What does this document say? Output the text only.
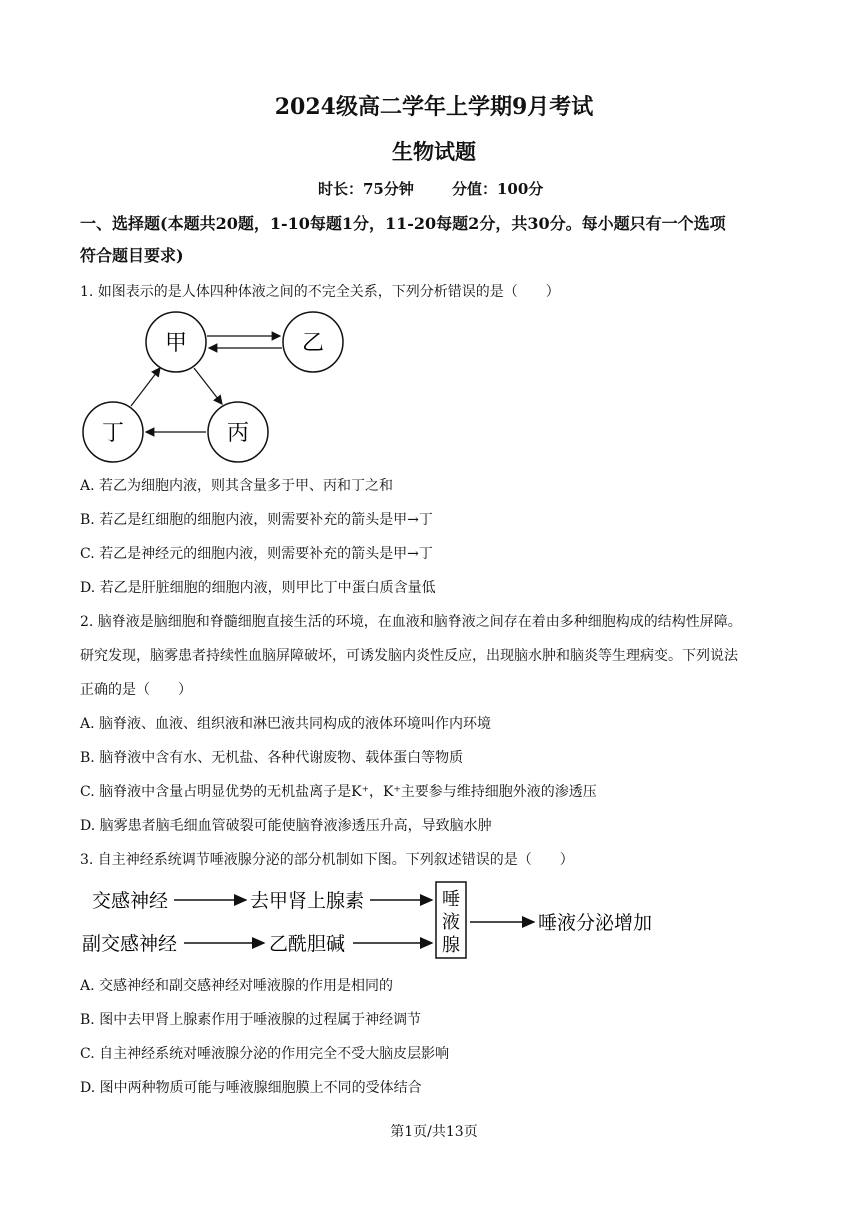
2024级高二学年上学期9月考试
生物试题
时长：75分钟	分值：100分
一、选择题(本题共20题，1-10每题1分，11-20每题2分，共30分。每小题只有一个选项
符合题目要求)
1. 如图表示的是人体四种体液之间的不完全关系，下列分析错误的是（　　）
甲	乙
丁	丙
A. 若乙为细胞内液，则其含量多于甲、丙和丁之和
B. 若乙是红细胞的细胞内液，则需要补充的箭头是甲→丁
C. 若乙是神经元的细胞内液，则需要补充的箭头是甲→丁
D. 若乙是肝脏细胞的细胞内液，则甲比丁中蛋白质含量低
2. 脑脊液是脑细胞和脊髓细胞直接生活的环境，在血液和脑脊液之间存在着由多种细胞构成的结构性屏障。
研究发现，脑雾患者持续性血脑屏障破坏，可诱发脑内炎性反应，出现脑水肿和脑炎等生理病变。下列说法
正确的是（　　）
A. 脑脊液、血液、组织液和淋巴液共同构成的液体环境叫作内环境
B. 脑脊液中含有水、无机盐、各种代谢废物、载体蛋白等物质
C. 脑脊液中含量占明显优势的无机盐离子是K⁺，K⁺主要参与维持细胞外液的渗透压
D. 脑雾患者脑毛细血管破裂可能使脑脊液渗透压升高，导致脑水肿
3. 自主神经系统调节唾液腺分泌的部分机制如下图。下列叙述错误的是（　　）
交感神经	去甲肾上腺素
副交感神经	乙酰胆碱
唾
液
腺
唾液分泌增加
A. 交感神经和副交感神经对唾液腺的作用是相同的
B. 图中去甲肾上腺素作用于唾液腺的过程属于神经调节
C. 自主神经系统对唾液腺分泌的作用完全不受大脑皮层影响
D. 图中两种物质可能与唾液腺细胞膜上不同的受体结合
第1页/共13页
